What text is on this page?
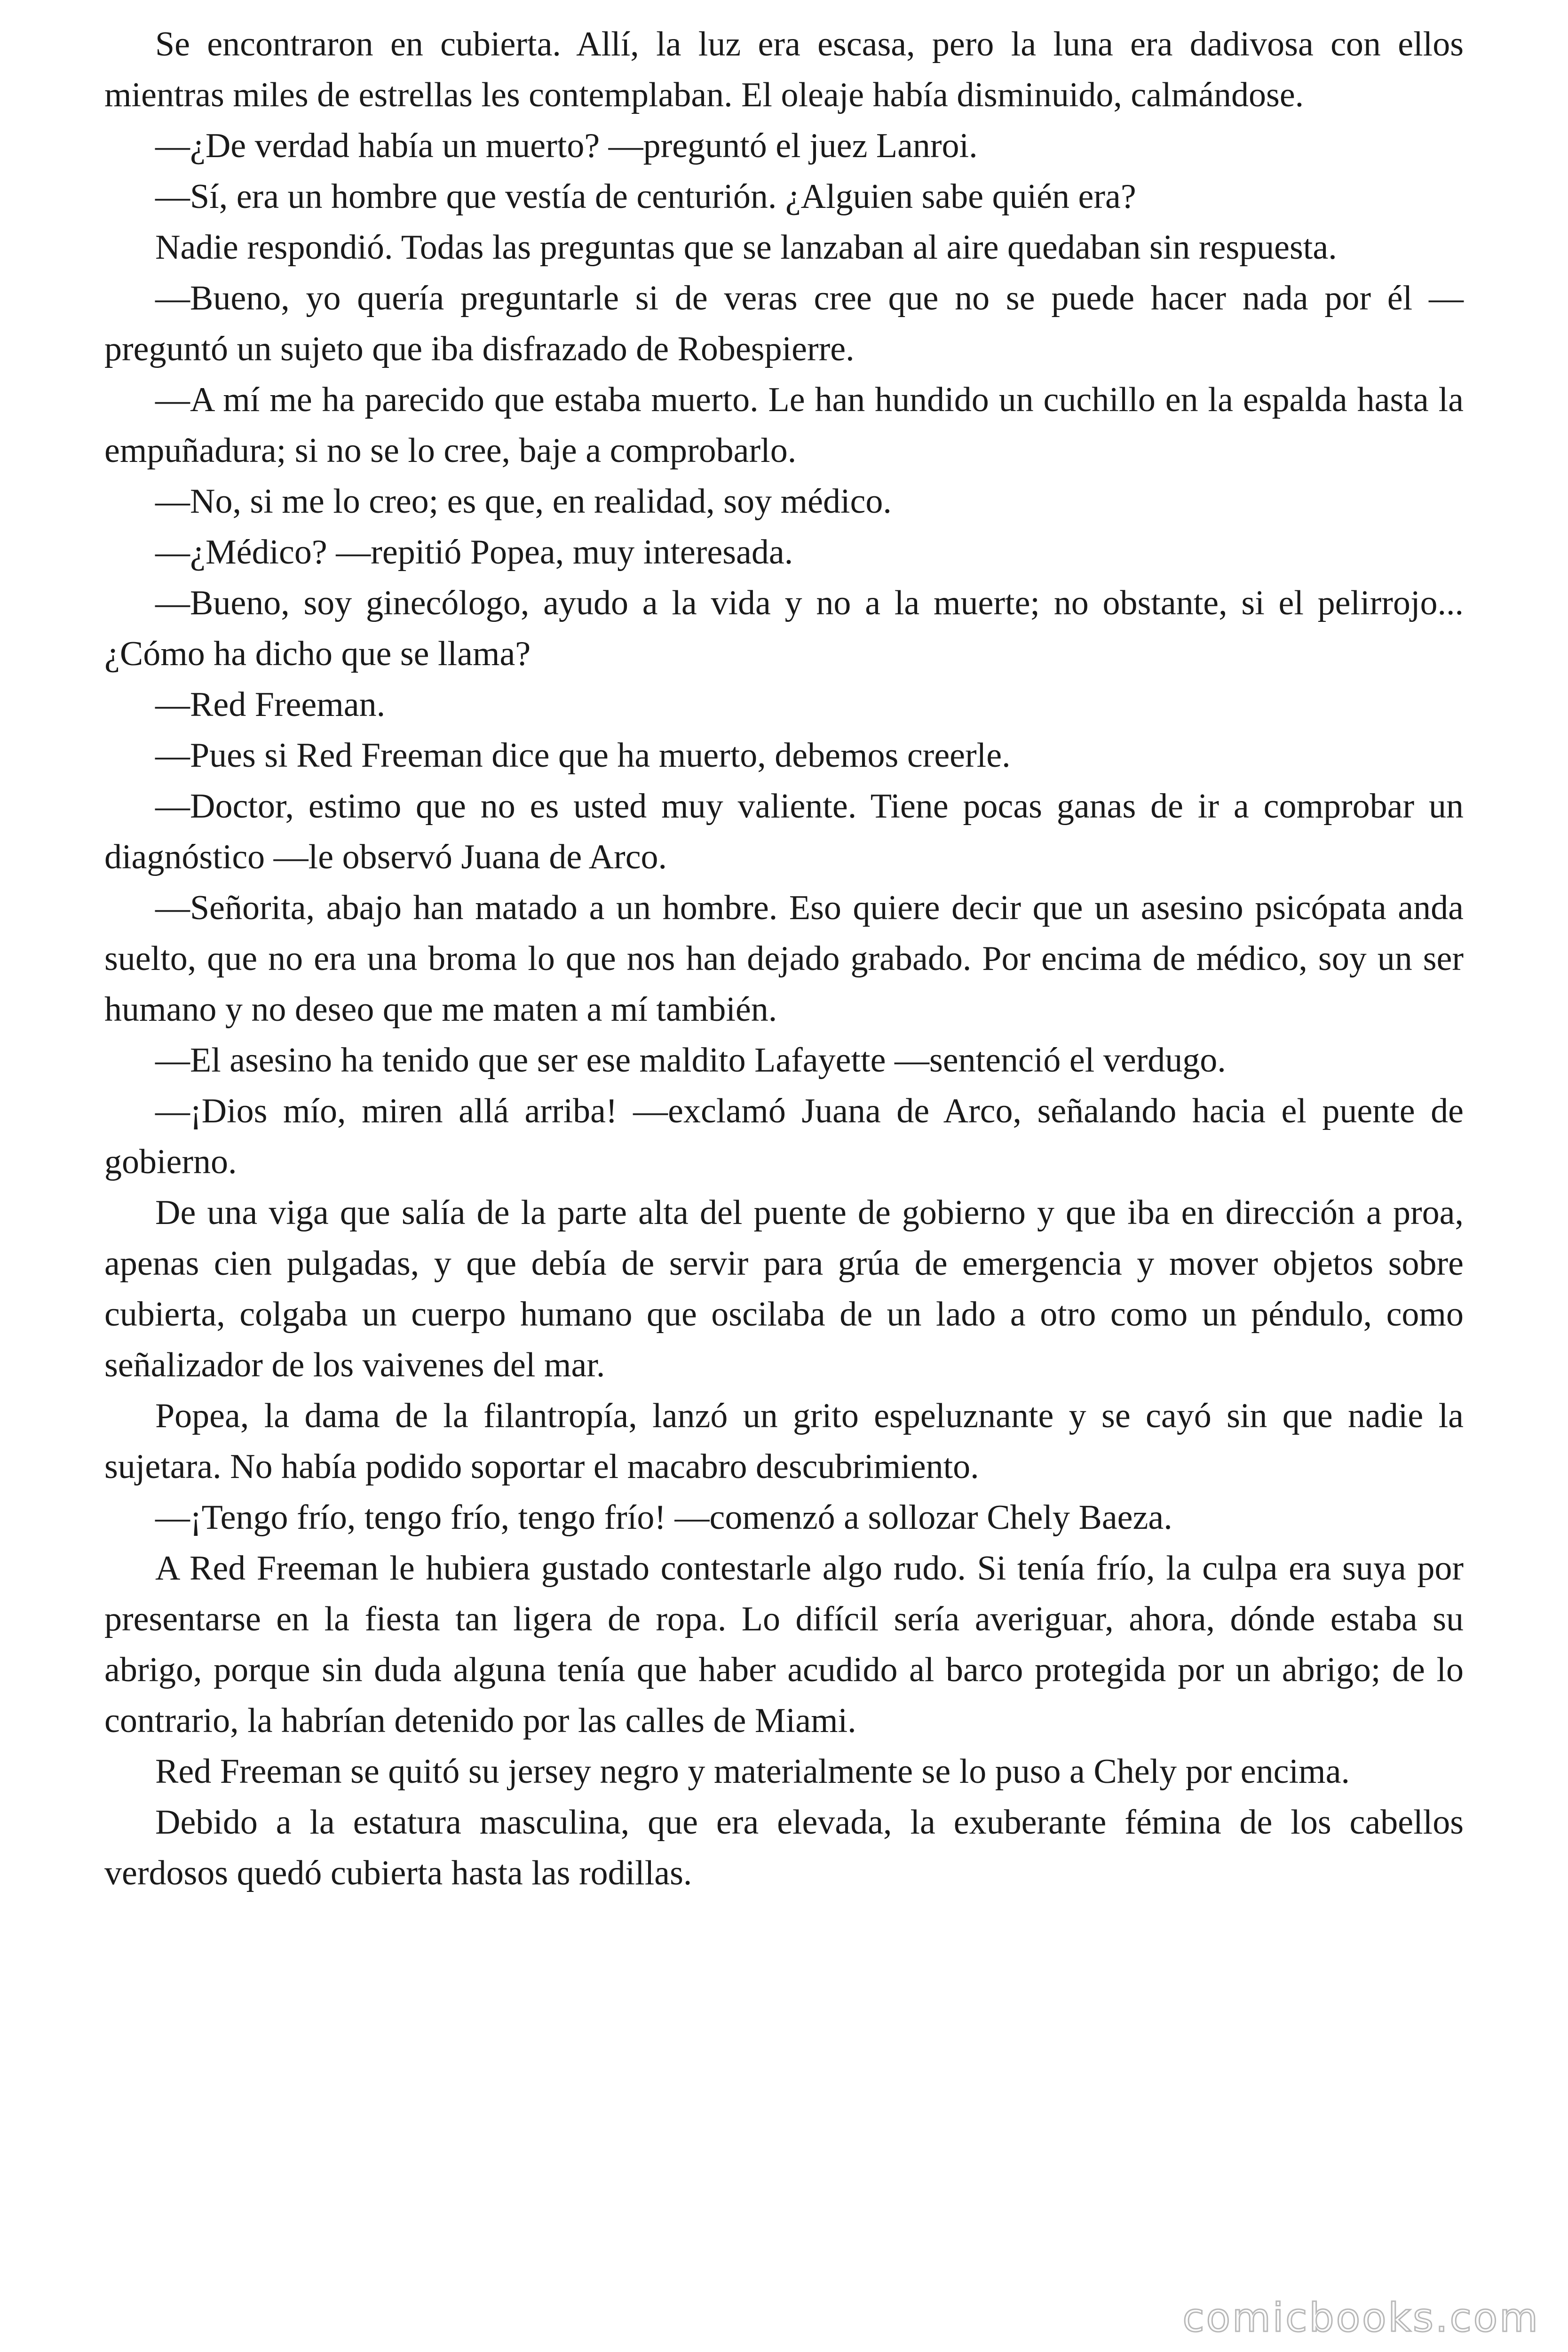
Se encontraron en cubierta. Allí, la luz era escasa, pero la luna era dadivosa con ellos mientras miles de estrellas les contemplaban. El oleaje había disminuido, calmándose.

—¿De verdad había un muerto? —preguntó el juez Lanroi.

—Sí, era un hombre que vestía de centurión. ¿Alguien sabe quién era?

Nadie respondió. Todas las preguntas que se lanzaban al aire quedaban sin respuesta.

—Bueno, yo quería preguntarle si de veras cree que no se puede hacer nada por él — preguntó un sujeto que iba disfrazado de Robespierre.

—A mí me ha parecido que estaba muerto. Le han hundido un cuchillo en la espalda hasta la empuñadura; si no se lo cree, baje a comprobarlo.

—No, si me lo creo; es que, en realidad, soy médico.

—¿Médico? —repitió Popea, muy interesada.

—Bueno, soy ginecólogo, ayudo a la vida y no a la muerte; no obstante, si el pelirrojo... ¿Cómo ha dicho que se llama?

—Red Freeman.

—Pues si Red Freeman dice que ha muerto, debemos creerle.

—Doctor, estimo que no es usted muy valiente. Tiene pocas ganas de ir a comprobar un diagnóstico —le observó Juana de Arco.

—Señorita, abajo han matado a un hombre. Eso quiere decir que un asesino psicópata anda suelto, que no era una broma lo que nos han dejado grabado. Por encima de médico, soy un ser humano y no deseo que me maten a mí también.

—El asesino ha tenido que ser ese maldito Lafayette —sentenció el verdugo.

—¡Dios mío, miren allá arriba! —exclamó Juana de Arco, señalando hacia el puente de gobierno.

De una viga que salía de la parte alta del puente de gobierno y que iba en dirección a proa, apenas cien pulgadas, y que debía de servir para grúa de emergencia y mover objetos sobre cubierta, colgaba un cuerpo humano que oscilaba de un lado a otro como un péndulo, como señalizador de los vaivenes del mar.

Popea, la dama de la filantropía, lanzó un grito espeluznante y se cayó sin que nadie la sujetara. No había podido soportar el macabro descubrimiento.

—¡Tengo frío, tengo frío, tengo frío! —comenzó a sollozar Chely Baeza.

A Red Freeman le hubiera gustado contestarle algo rudo. Si tenía frío, la culpa era suya por presentarse en la fiesta tan ligera de ropa. Lo difícil sería averiguar, ahora, dónde estaba su abrigo, porque sin duda alguna tenía que haber acudido al barco protegida por un abrigo; de lo contrario, la habrían detenido por las calles de Miami.

Red Freeman se quitó su jersey negro y materialmente se lo puso a Chely por encima.

Debido a la estatura masculina, que era elevada, la exuberante fémina de los cabellos verdosos quedó cubierta hasta las rodillas.

comicbooks.com
